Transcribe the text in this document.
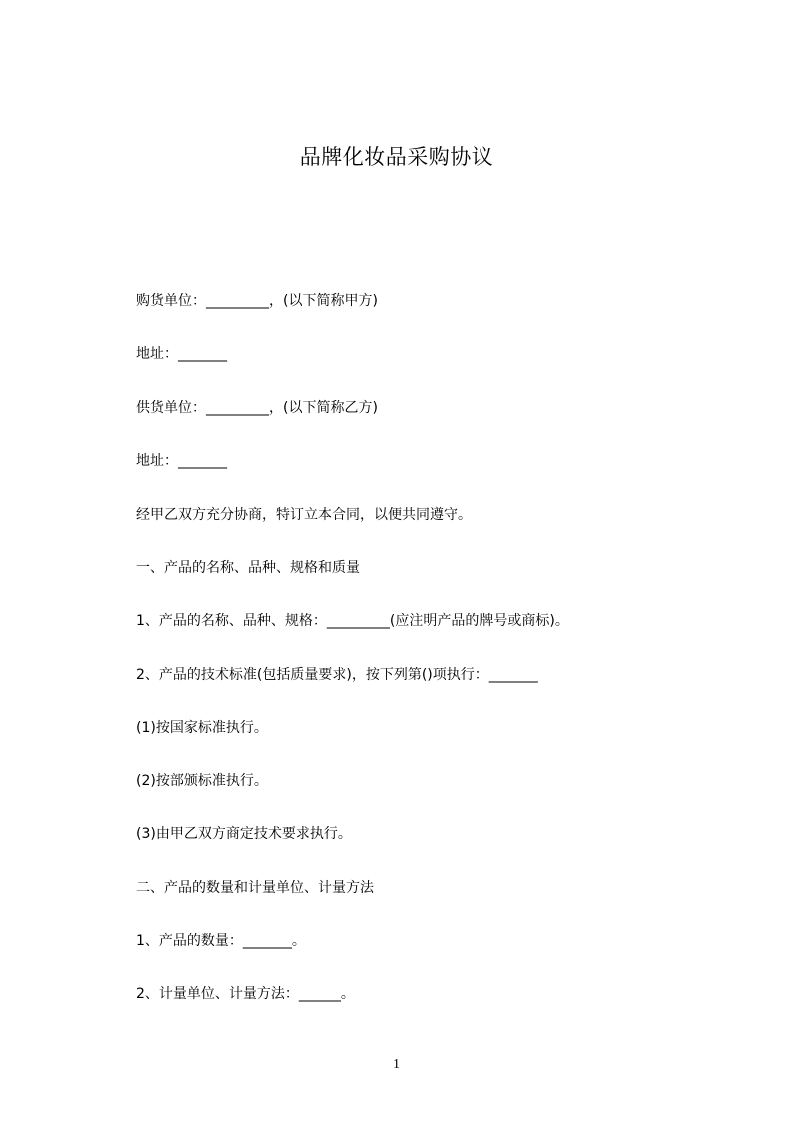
品牌化妆品采购协议
购货单位：_________，(以下简称甲方)
地址：_______
供货单位：_________，(以下简称乙方)
地址：_______
经甲乙双方充分协商，特订立本合同，以便共同遵守。
一、产品的名称、品种、规格和质量
1、产品的名称、品种、规格：_________(应注明产品的牌号或商标)。
2、产品的技术标准(包括质量要求)，按下列第()项执行：_______
(1)按国家标准执行。
(2)按部颁标准执行。
(3)由甲乙双方商定技术要求执行。
二、产品的数量和计量单位、计量方法
1、产品的数量：_______。
2、计量单位、计量方法：______。
1
